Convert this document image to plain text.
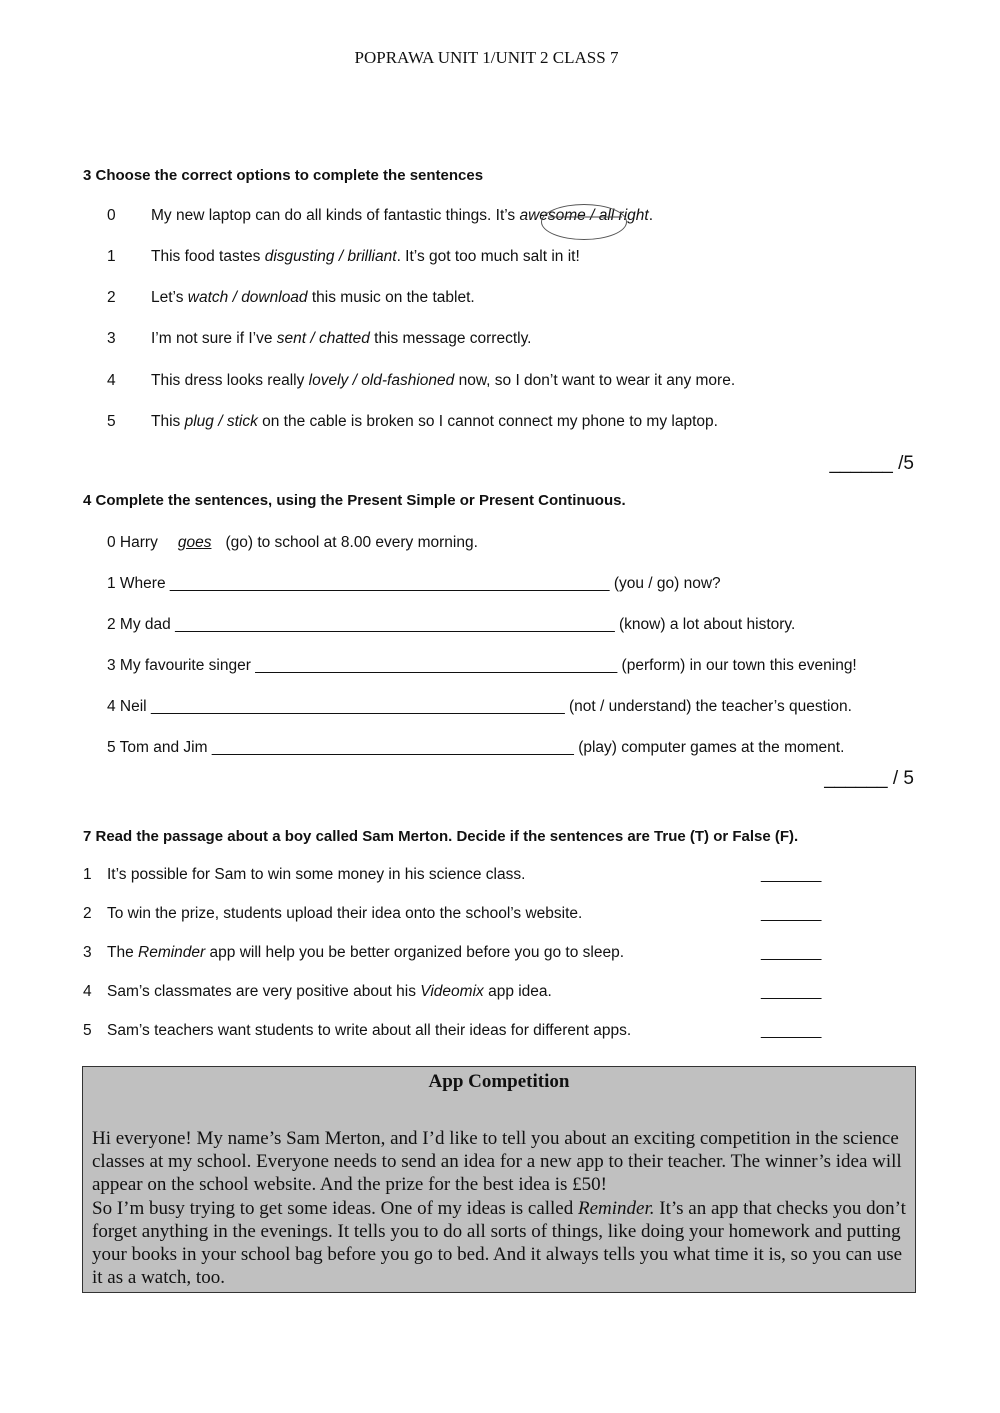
POPRAWA UNIT 1/UNIT 2 CLASS 7
3 Choose the correct options to complete the sentences
0 My new laptop can do all kinds of fantastic things. It’s awesome / all right.
1 This food tastes disgusting / brilliant. It’s got too much salt in it!
2 Let’s watch / download this music on the tablet.
3 I’m not sure if I’ve sent / chatted this message correctly.
4 This dress looks really lovely / old-fashioned now, so I don’t want to wear it any more.
5 This plug / stick on the cable is broken so I cannot connect my phone to my laptop.
______ /5
4 Complete the sentences, using the Present Simple or Present Continuous.
0 Harry goes (go) to school at 8.00 every morning.
1 Where ___________________________________________________ (you / go) now?
2 My dad ___________________________________________________ (know) a lot about history.
3 My favourite singer __________________________________________ (perform) in our town this evening!
4 Neil ________________________________________________ (not / understand) the teacher’s question.
5 Tom and Jim __________________________________________ (play) computer games at the moment.
______ / 5
7 Read the passage about a boy called Sam Merton. Decide if the sentences are True (T) or False (F).
1 It’s possible for Sam to win some money in his science class.	_______
2 To win the prize, students upload their idea onto the school’s website.	_______
3 The Reminder app will help you be better organized before you go to sleep.	_______
4 Sam’s classmates are very positive about his Videomix app idea.	_______
5 Sam’s teachers want students to write about all their ideas for different apps.	_______
App Competition

Hi everyone! My name’s Sam Merton, and I’d like to tell you about an exciting competition in the science classes at my school. Everyone needs to send an idea for a new app to their teacher. The winner’s idea will appear on the school website. And the prize for the best idea is £50!

So I’m busy trying to get some ideas. One of my ideas is called Reminder. It’s an app that checks you don’t forget anything in the evenings. It tells you to do all sorts of things, like doing your homework and putting your books in your school bag before you go to bed. And it always tells you what time it is, so you can use it as a watch, too.
